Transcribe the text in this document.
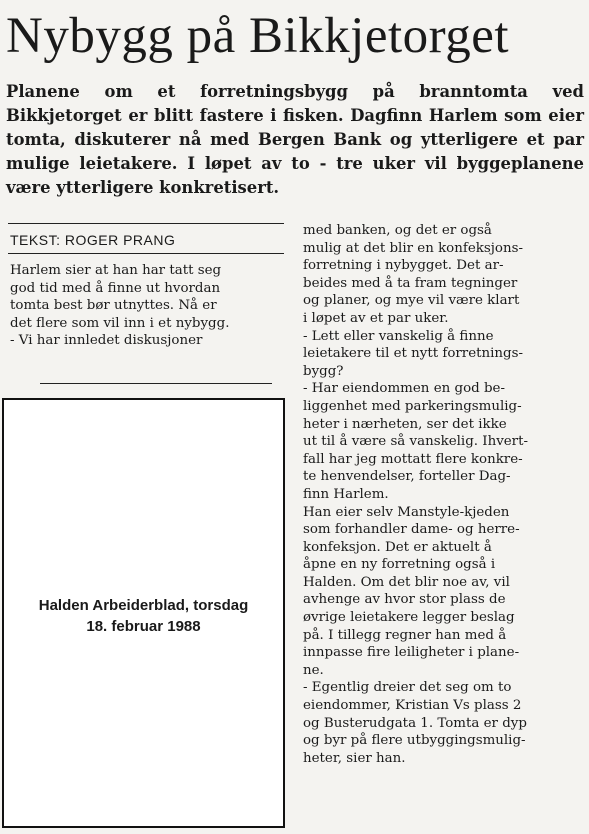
Nybygg på Bikkjetorget

Planene om et forretningsbygg på branntomta ved Bikkjetorget er blitt fastere i fisken. Dagfinn Harlem som eier tomta, diskuterer nå med Bergen Bank og ytterligere et par mulige leietakere. I løpet av to - tre uker vil byggeplanene være ytterligere konkretisert.

TEKST: ROGER PRANG

Harlem sier at han har tatt seg
god tid med å finne ut hvordan
tomta best bør utnyttes. Nå er
det flere som vil inn i et nybygg.
- Vi har innledet diskusjoner

med banken, og det er også
mulig at det blir en konfeksjons-
forretning i nybygget. Det ar-
beides med å ta fram tegninger
og planer, og mye vil være klart
i løpet av et par uker.
- Lett eller vanskelig å finne
leietakere til et nytt forretnings-
bygg?
- Har eiendommen en god be-
liggenhet med parkeringsmulig-
heter i nærheten, ser det ikke
ut til å være så vanskelig. Ihvert-
fall har jeg mottatt flere konkre-
te henvendelser, forteller Dag-
finn Harlem.
Han eier selv Manstyle-kjeden
som forhandler dame- og herre-
konfeksjon. Det er aktuelt å
åpne en ny forretning også i
Halden. Om det blir noe av, vil
avhenge av hvor stor plass de
øvrige leietakere legger beslag
på. I tillegg regner han med å
innpasse fire leiligheter i plane-
ne.
- Egentlig dreier det seg om to
eiendommer, Kristian Vs plass 2
og Busterudgata 1. Tomta er dyp
og byr på flere utbyggingsmulig-
heter, sier han.

Halden Arbeiderblad, torsdag
18. februar 1988
